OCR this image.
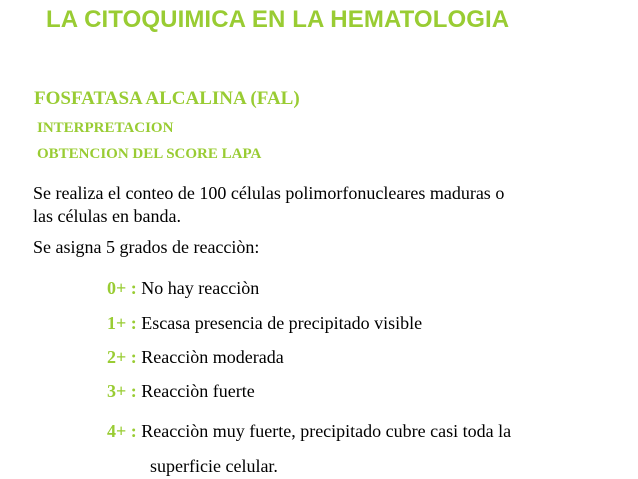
LA CITOQUIMICA EN LA HEMATOLOGIA
FOSFATASA ALCALINA (FAL)
INTERPRETACION
OBTENCION DEL SCORE LAPA
Se realiza el conteo de 100 células polimorfonucleares maduras o
las células en banda.
Se asigna 5 grados de reacciòn:
0+ : No hay reacciòn
1+ : Escasa presencia de precipitado visible
2+ : Reacciòn moderada
3+ : Reacciòn fuerte
4+ : Reacciòn muy fuerte, precipitado cubre casi toda la
superficie celular.
